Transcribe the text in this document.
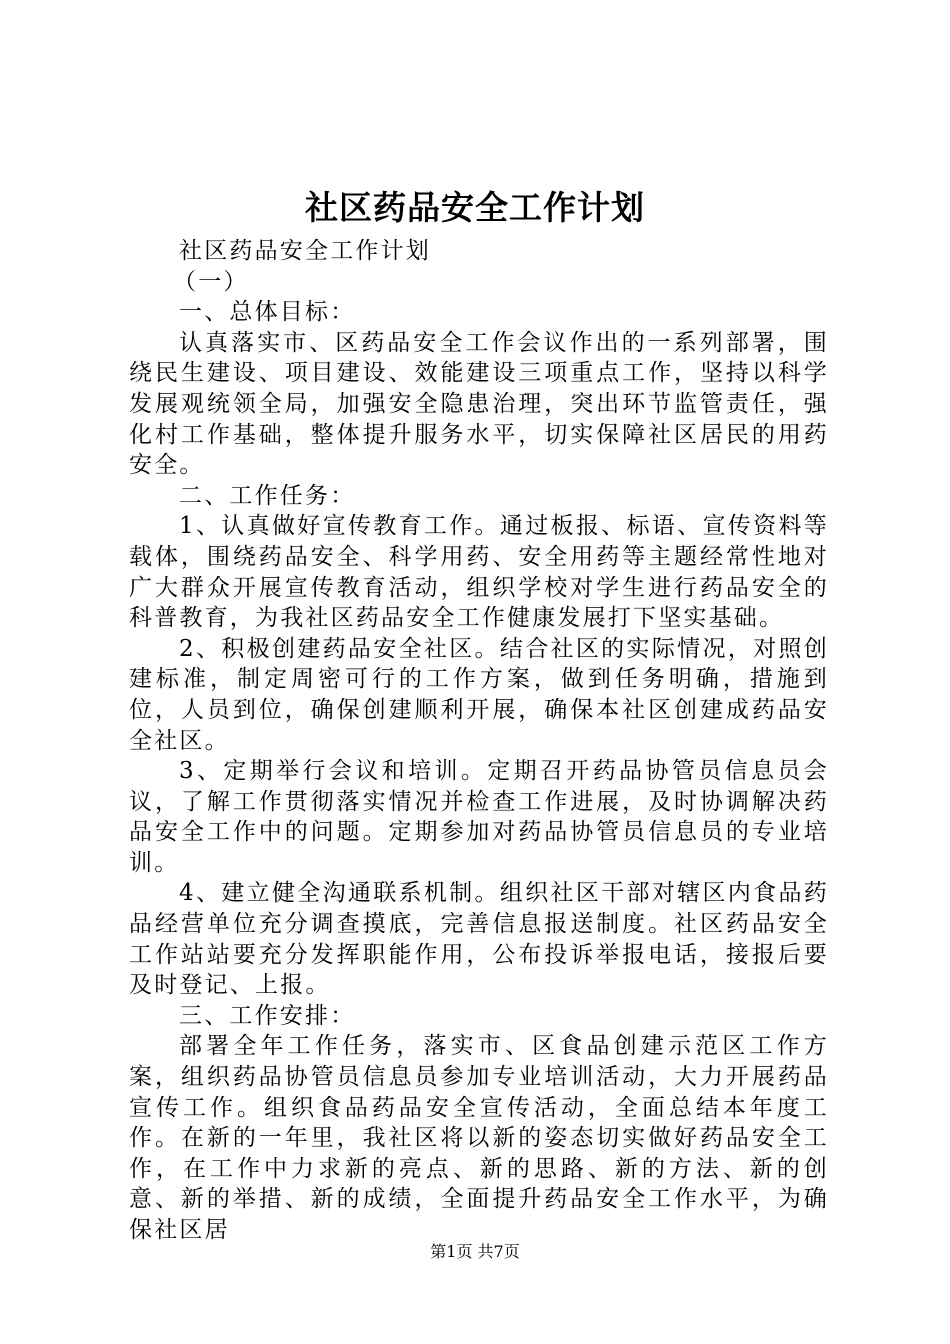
社区药品安全工作计划

社区药品安全工作计划

（一）

一、总体目标：

认真落实市、区药品安全工作会议作出的一系列部署，围绕民生建设、项目建设、效能建设三项重点工作，坚持以科学发展观统领全局，加强安全隐患治理，突出环节监管责任，强化村工作基础，整体提升服务水平，切实保障社区居民的用药安全。

二、工作任务：

1、认真做好宣传教育工作。通过板报、标语、宣传资料等载体，围绕药品安全、科学用药、安全用药等主题经常性地对广大群众开展宣传教育活动，组织学校对学生进行药品安全的科普教育，为我社区药品安全工作健康发展打下坚实基础。

2、积极创建药品安全社区。结合社区的实际情况，对照创建标准，制定周密可行的工作方案，做到任务明确，措施到位，人员到位，确保创建顺利开展，确保本社区创建成药品安全社区。

3、定期举行会议和培训。定期召开药品协管员信息员会议，了解工作贯彻落实情况并检查工作进展，及时协调解决药品安全工作中的问题。定期参加对药品协管员信息员的专业培训。

4、建立健全沟通联系机制。组织社区干部对辖区内食品药品经营单位充分调查摸底，完善信息报送制度。社区药品安全工作站站要充分发挥职能作用，公布投诉举报电话，接报后要及时登记、上报。

三、工作安排：

部署全年工作任务，落实市、区食品创建示范区工作方案，组织药品协管员信息员参加专业培训活动，大力开展药品宣传工作。组织食品药品安全宣传活动，全面总结本年度工作。在新的一年里，我社区将以新的姿态切实做好药品安全工作，在工作中力求新的亮点、新的思路、新的方法、新的创意、新的举措、新的成绩，全面提升药品安全工作水平，为确保社区居

第1页 共7页
